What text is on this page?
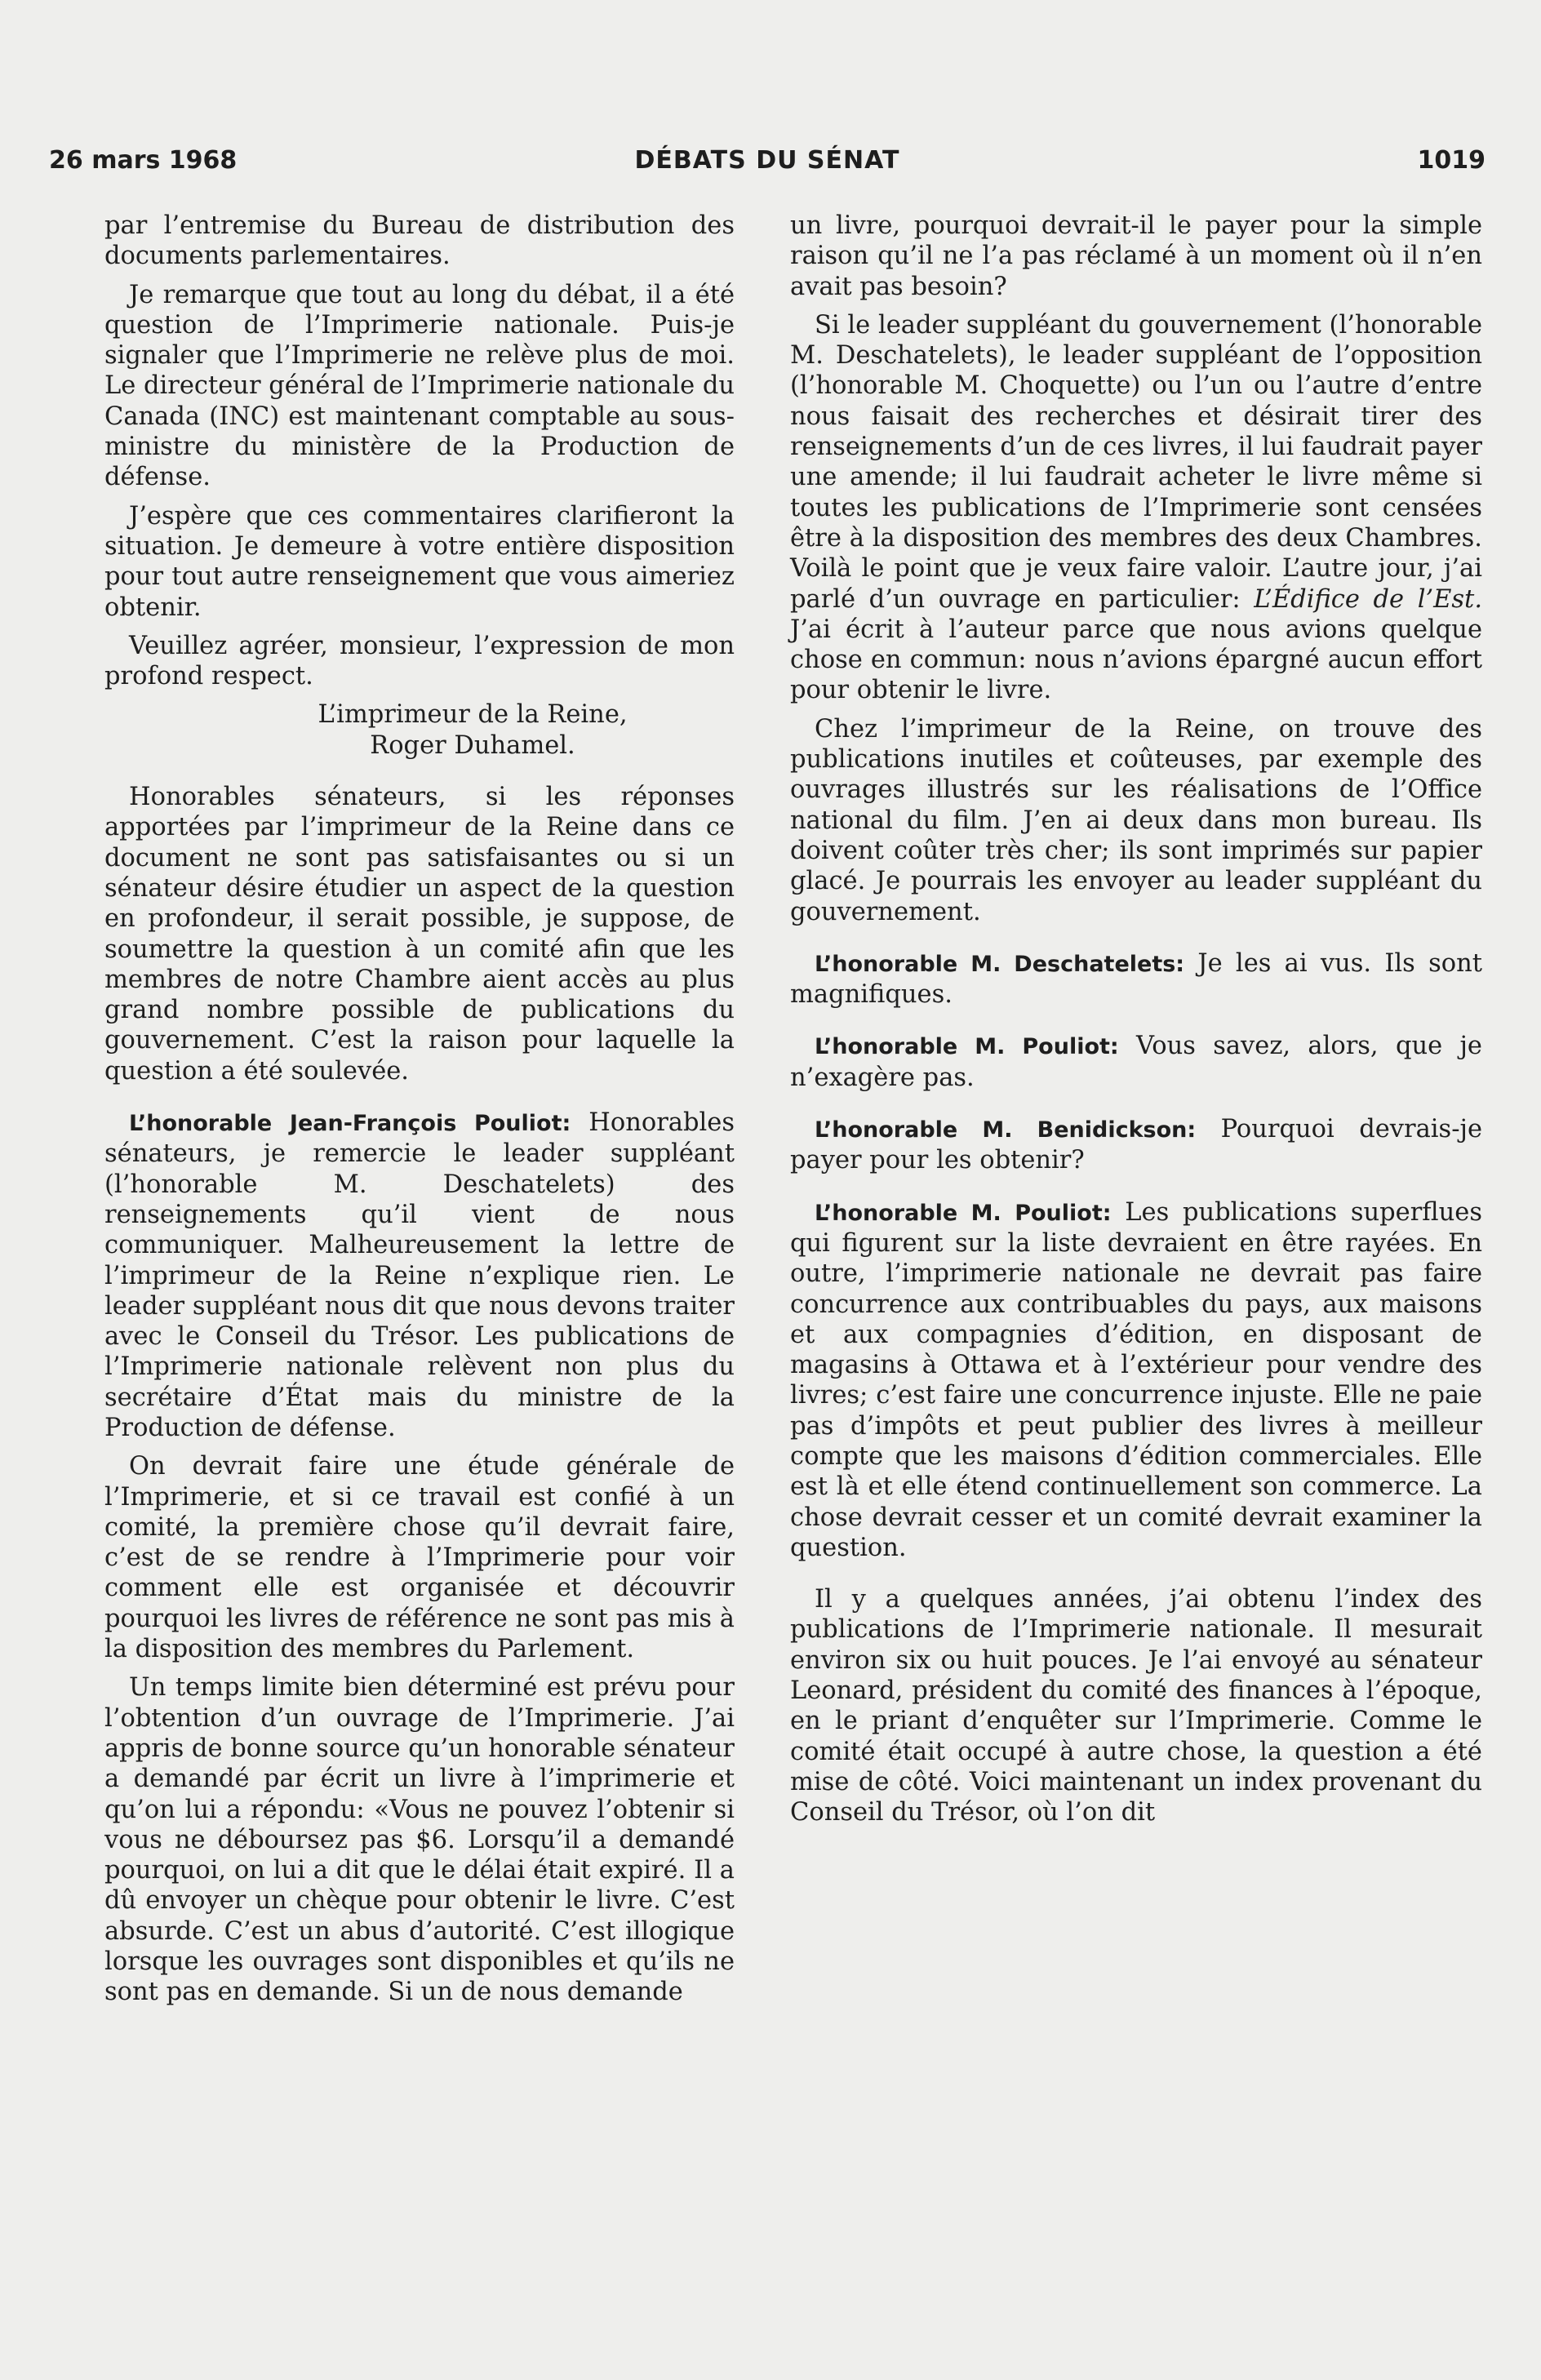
26 mars 1968	DÉBATS DU SÉNAT	1019

par l’entremise du Bureau de distribution des documents parlementaires.

Je remarque que tout au long du débat, il a été question de l’Imprimerie nationale. Puis-je signaler que l’Imprimerie ne relève plus de moi. Le directeur général de l’Imprimerie nationale du Canada (INC) est maintenant comptable au sous-ministre du ministère de la Production de défense.

J’espère que ces commentaires clarifieront la situation. Je demeure à votre entière disposition pour tout autre renseignement que vous aimeriez obtenir.

Veuillez agréer, monsieur, l’expression de mon profond respect.

L’imprimeur de la Reine,

Roger Duhamel.

Honorables sénateurs, si les réponses apportées par l’imprimeur de la Reine dans ce document ne sont pas satisfaisantes ou si un sénateur désire étudier un aspect de la question en profondeur, il serait possible, je suppose, de soumettre la question à un comité afin que les membres de notre Chambre aient accès au plus grand nombre possible de publications du gouvernement. C’est la raison pour laquelle la question a été soulevée.

L’honorable Jean-François Pouliot: Honorables sénateurs, je remercie le leader suppléant (l’honorable M. Deschatelets) des renseignements qu’il vient de nous communiquer. Malheureusement la lettre de l’imprimeur de la Reine n’explique rien. Le leader suppléant nous dit que nous devons traiter avec le Conseil du Trésor. Les publications de l’Imprimerie nationale relèvent non plus du secrétaire d’État mais du ministre de la Production de défense.

On devrait faire une étude générale de l’Imprimerie, et si ce travail est confié à un comité, la première chose qu’il devrait faire, c’est de se rendre à l’Imprimerie pour voir comment elle est organisée et découvrir pourquoi les livres de référence ne sont pas mis à la disposition des membres du Parlement.

Un temps limite bien déterminé est prévu pour l’obtention d’un ouvrage de l’Imprimerie. J’ai appris de bonne source qu’un honorable sénateur a demandé par écrit un livre à l’imprimerie et qu’on lui a répondu: «Vous ne pouvez l’obtenir si vous ne déboursez pas $6. Lorsqu’il a demandé pourquoi, on lui a dit que le délai était expiré. Il a dû envoyer un chèque pour obtenir le livre. C’est absurde. C’est un abus d’autorité. C’est illogique lorsque les ouvrages sont disponibles et qu’ils ne sont pas en demande. Si un de nous demande

un livre, pourquoi devrait-il le payer pour la simple raison qu’il ne l’a pas réclamé à un moment où il n’en avait pas besoin?

Si le leader suppléant du gouvernement (l’honorable M. Deschatelets), le leader suppléant de l’opposition (l’honorable M. Choquette) ou l’un ou l’autre d’entre nous faisait des recherches et désirait tirer des renseignements d’un de ces livres, il lui faudrait payer une amende; il lui faudrait acheter le livre même si toutes les publications de l’Imprimerie sont censées être à la disposition des membres des deux Chambres. Voilà le point que je veux faire valoir. L’autre jour, j’ai parlé d’un ouvrage en particulier: L’Édifice de l’Est. J’ai écrit à l’auteur parce que nous avions quelque chose en commun: nous n’avions épargné aucun effort pour obtenir le livre.

Chez l’imprimeur de la Reine, on trouve des publications inutiles et coûteuses, par exemple des ouvrages illustrés sur les réalisations de l’Office national du film. J’en ai deux dans mon bureau. Ils doivent coûter très cher; ils sont imprimés sur papier glacé. Je pourrais les envoyer au leader suppléant du gouvernement.

L’honorable M. Deschatelets: Je les ai vus. Ils sont magnifiques.

L’honorable M. Pouliot: Vous savez, alors, que je n’exagère pas.

L’honorable M. Benidickson: Pourquoi devrais-je payer pour les obtenir?

L’honorable M. Pouliot: Les publications superflues qui figurent sur la liste devraient en être rayées. En outre, l’imprimerie nationale ne devrait pas faire concurrence aux contribuables du pays, aux maisons et aux compagnies d’édition, en disposant de magasins à Ottawa et à l’extérieur pour vendre des livres; c’est faire une concurrence injuste. Elle ne paie pas d’impôts et peut publier des livres à meilleur compte que les maisons d’édition commerciales. Elle est là et elle étend continuellement son commerce. La chose devrait cesser et un comité devrait examiner la question.

Il y a quelques années, j’ai obtenu l’index des publications de l’Imprimerie nationale. Il mesurait environ six ou huit pouces. Je l’ai envoyé au sénateur Leonard, président du comité des finances à l’époque, en le priant d’enquêter sur l’Imprimerie. Comme le comité était occupé à autre chose, la question a été mise de côté. Voici maintenant un index provenant du Conseil du Trésor, où l’on dit
